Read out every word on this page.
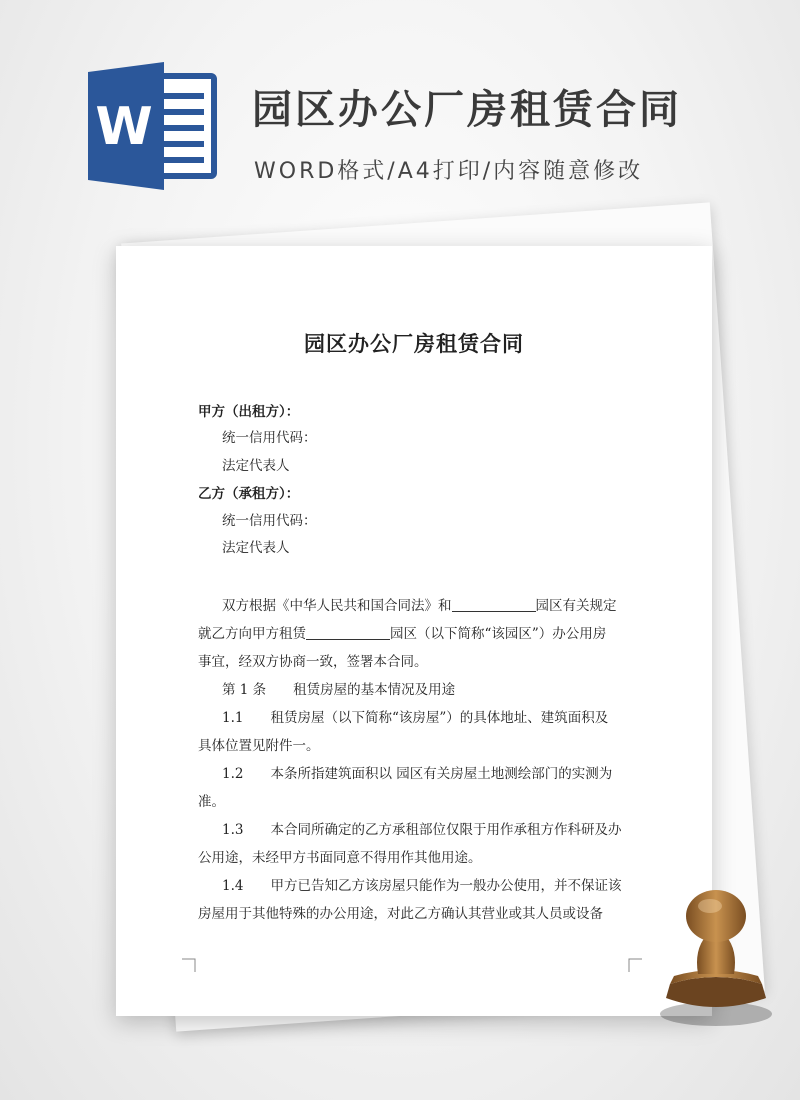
W 园区办公厂房租赁合同
WORD格式/A4打印/内容随意修改
园区办公厂房租赁合同
甲方（出租方）：
统一信用代码：
法定代表人
乙方（承租方）：
统一信用代码：
法定代表人
双方根据《中华人民共和国合同法》和	园区有关规定
就乙方向甲方租赁	园区（以下简称“该园区”）办公用房
事宜，经双方协商一致，签署本合同。
第 1 条　　租赁房屋的基本情况及用途
1.1　　租赁房屋（以下简称“该房屋”）的具体地址、建筑面积及
具体位置见附件一。
1.2　　本条所指建筑面积以 园区有关房屋土地测绘部门的实测为
准。
1.3　　本合同所确定的乙方承租部位仅限于用作承租方作科研及办
公用途，未经甲方书面同意不得用作其他用途。
1.4　　甲方已告知乙方该房屋只能作为一般办公使用，并不保证该
房屋用于其他特殊的办公用途，对此乙方确认其营业或其人员或设备
